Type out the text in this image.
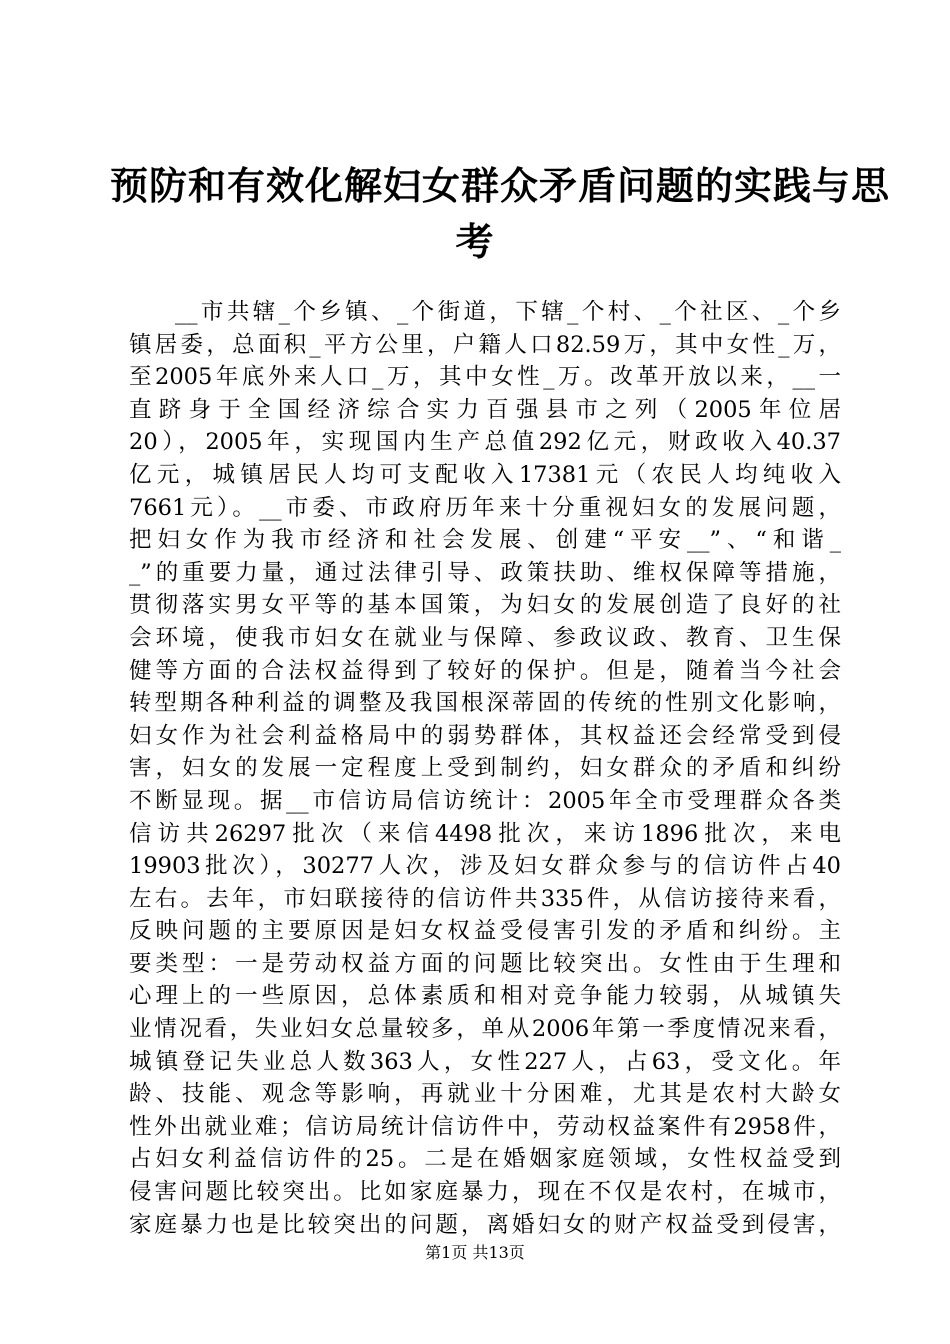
预防和有效化解妇女群众矛盾问题的实践与思
考
__市共辖_个乡镇、_个街道，下辖_个村、_个社区、_个乡
镇居委，总面积_平方公里，户籍人口82.59万，其中女性_万，
至2005年底外来人口_万，其中女性_万。改革开放以来，__一
直跻身于全国经济综合实力百强县市之列（2005年位居
20），2005年，实现国内生产总值292亿元，财政收入40.37
亿元，城镇居民人均可支配收入17381元（农民人均纯收入
7661元）。__市委、市政府历年来十分重视妇女的发展问题，
把妇女作为我市经济和社会发展、创建“平安__”、“和谐_
_”的重要力量，通过法律引导、政策扶助、维权保障等措施，
贯彻落实男女平等的基本国策，为妇女的发展创造了良好的社
会环境，使我市妇女在就业与保障、参政议政、教育、卫生保
健等方面的合法权益得到了较好的保护。但是，随着当今社会
转型期各种利益的调整及我国根深蒂固的传统的性别文化影响，
妇女作为社会利益格局中的弱势群体，其权益还会经常受到侵
害，妇女的发展一定程度上受到制约，妇女群众的矛盾和纠纷
不断显现。据__市信访局信访统计：2005年全市受理群众各类
信访共26297批次（来信4498批次，来访1896批次，来电
19903批次），30277人次，涉及妇女群众参与的信访件占40
左右。去年，市妇联接待的信访件共335件，从信访接待来看，
反映问题的主要原因是妇女权益受侵害引发的矛盾和纠纷。主
要类型：一是劳动权益方面的问题比较突出。女性由于生理和
心理上的一些原因，总体素质和相对竞争能力较弱，从城镇失
业情况看，失业妇女总量较多，单从2006年第一季度情况来看，
城镇登记失业总人数363人，女性227人，占63，受文化。年
龄、技能、观念等影响，再就业十分困难，尤其是农村大龄女
性外出就业难；信访局统计信访件中，劳动权益案件有2958件，
占妇女利益信访件的25。二是在婚姻家庭领域，女性权益受到
侵害问题比较突出。比如家庭暴力，现在不仅是农村，在城市，
家庭暴力也是比较突出的问题，离婚妇女的财产权益受到侵害，
第1页 共13页
